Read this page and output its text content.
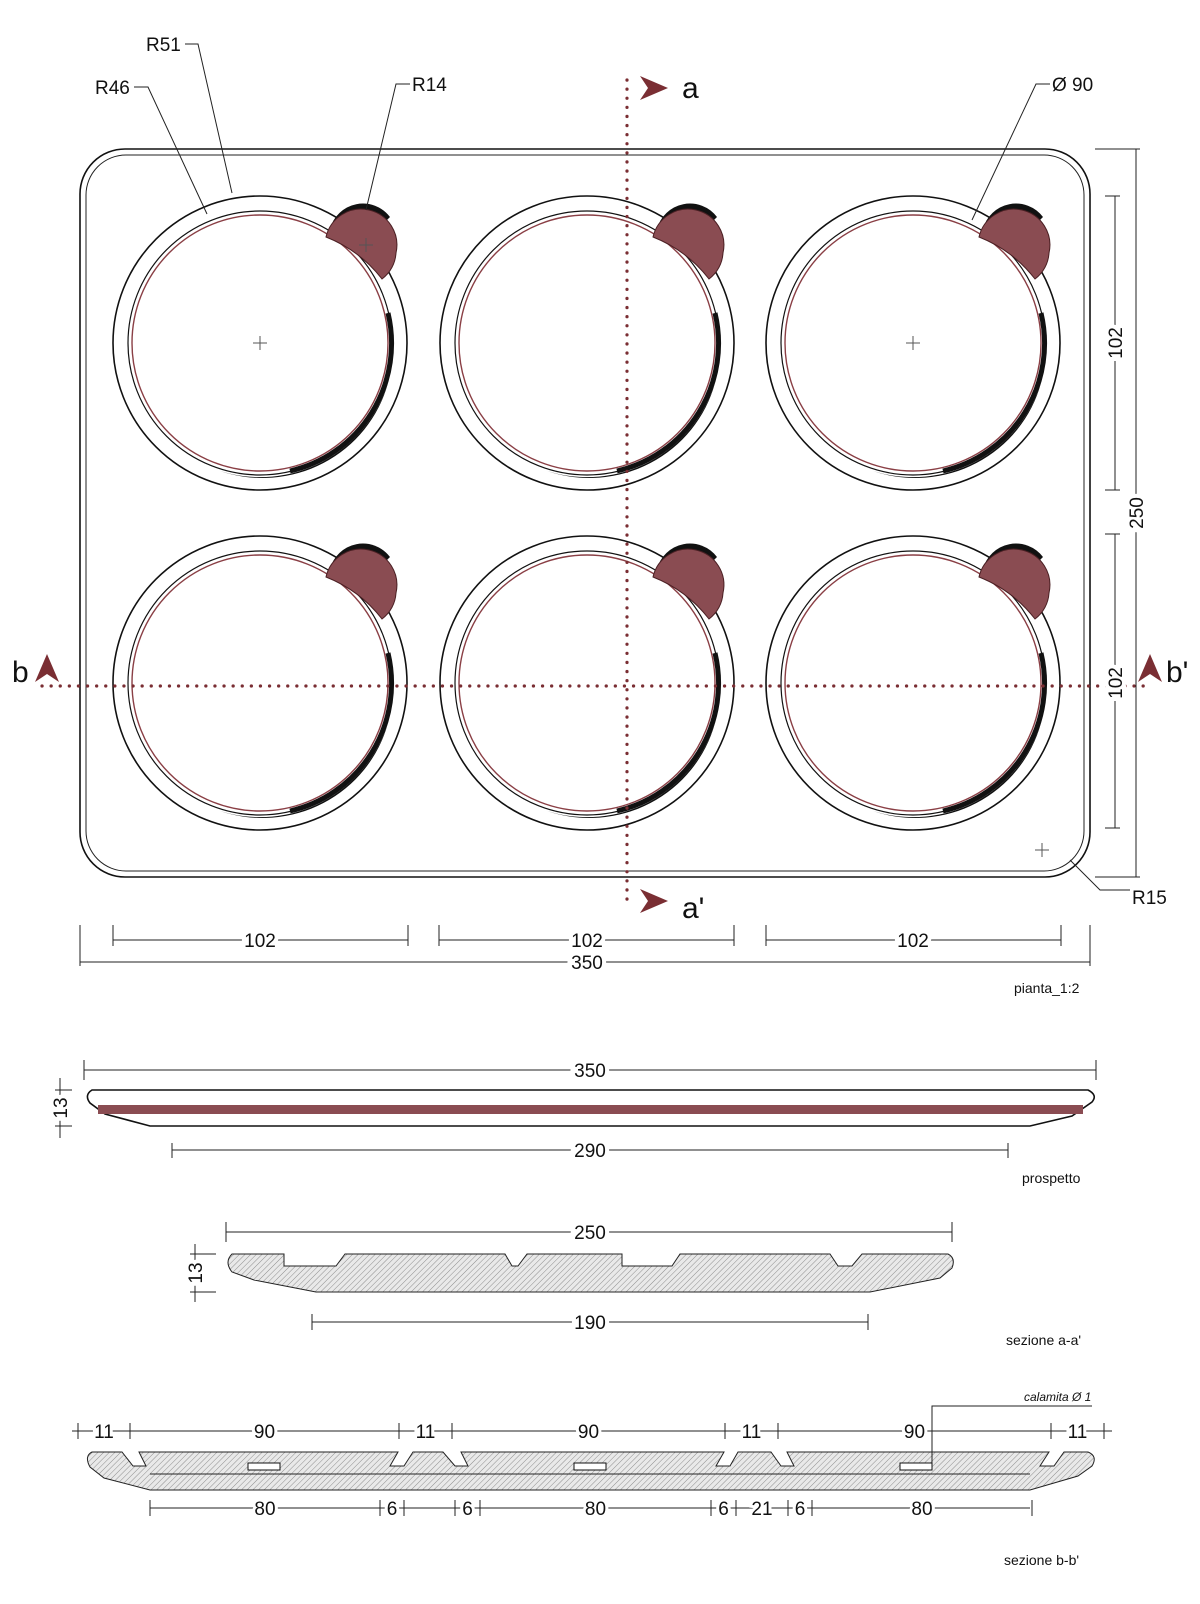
a
a'
b	b'
R51
R46	R14	Ø 90
R15
102	102	102
350
102
102
250
pianta_1:2
350
290
13
prospetto
250
190
13
sezione a-a'
11	90	11	90	11	90	11
calamita Ø 1
80	6	6	80	6 21 6	80
sezione b-b'
